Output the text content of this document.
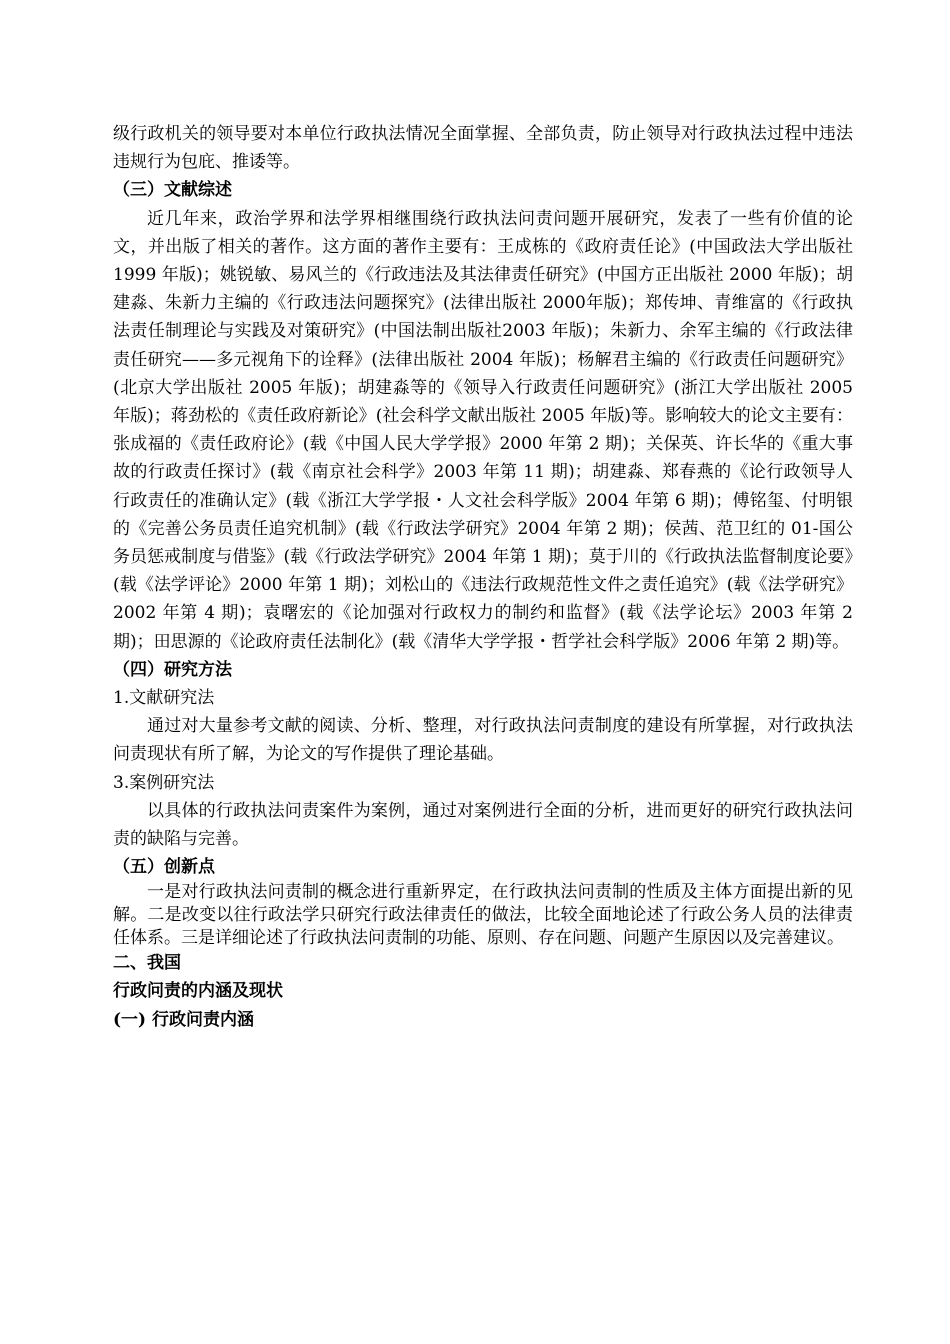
级行政机关的领导要对本单位行政执法情况全面掌握、全部负责，防止领导对行政执法过程中违法违规行为包庇、推诿等。

（三）文献综述

近几年来，政治学界和法学界相继围绕行政执法问责问题开展研究，发表了一些有价值的论文，并出版了相关的著作。这方面的著作主要有：王成栋的《政府责任论》(中国政法大学出版社 1999 年版)；姚锐敏、易风兰的《行政违法及其法律责任研究》(中国方正出版社 2000 年版)；胡建淼、朱新力主编的《行政违法问题探究》(法律出版社 2000年版)；郑传坤、青维富的《行政执法责任制理论与实践及对策研究》(中国法制出版社2003 年版)；朱新力、余军主编的《行政法律责任研究——多元视角下的诠释》(法律出版社 2004 年版)；杨解君主编的《行政责任问题研究》(北京大学出版社 2005 年版)；胡建淼等的《领导入行政责任问题研究》(浙江大学出版社 2005 年版)；蒋劲松的《责任政府新论》(社会科学文献出版社 2005 年版)等。影响较大的论文主要有：张成福的《责任政府论》(载《中国人民大学学报》2000 年第 2 期)；关保英、许长华的《重大事故的行政责任探讨》(载《南京社会科学》2003 年第 11 期)；胡建淼、郑春燕的《论行政领导人行政责任的准确认定》(载《浙江大学学报・人文社会科学版》2004 年第 6 期)；傅铭玺、付明银的《完善公务员责任追究机制》(载《行政法学研究》2004 年第 2 期)；侯茜、范卫红的 01-国公务员惩戒制度与借鉴》(载《行政法学研究》2004 年第 1 期)；莫于川的《行政执法监督制度论要》(载《法学评论》2000 年第 1 期)；刘松山的《违法行政规范性文件之责任追究》(载《法学研究》2002 年第 4 期)；袁曙宏的《论加强对行政权力的制约和监督》(载《法学论坛》2003 年第 2 期)；田思源的《论政府责任法制化》(载《清华大学学报・哲学社会科学版》2006 年第 2 期)等。

（四）研究方法

1.文献研究法

通过对大量参考文献的阅读、分析、整理，对行政执法问责制度的建设有所掌握，对行政执法问责现状有所了解，为论文的写作提供了理论基础。

3.案例研究法

以具体的行政执法问责案件为案例，通过对案例进行全面的分析，进而更好的研究行政执法问责的缺陷与完善。

（五）创新点

一是对行政执法问责制的概念进行重新界定，在行政执法问责制的性质及主体方面提出新的见解。二是改变以往行政法学只研究行政法律责任的做法，比较全面地论述了行政公务人员的法律责任体系。三是详细论述了行政执法问责制的功能、原则、存在问题、问题产生原因以及完善建议。

二、我国

行政问责的内涵及现状

(一) 行政问责内涵
